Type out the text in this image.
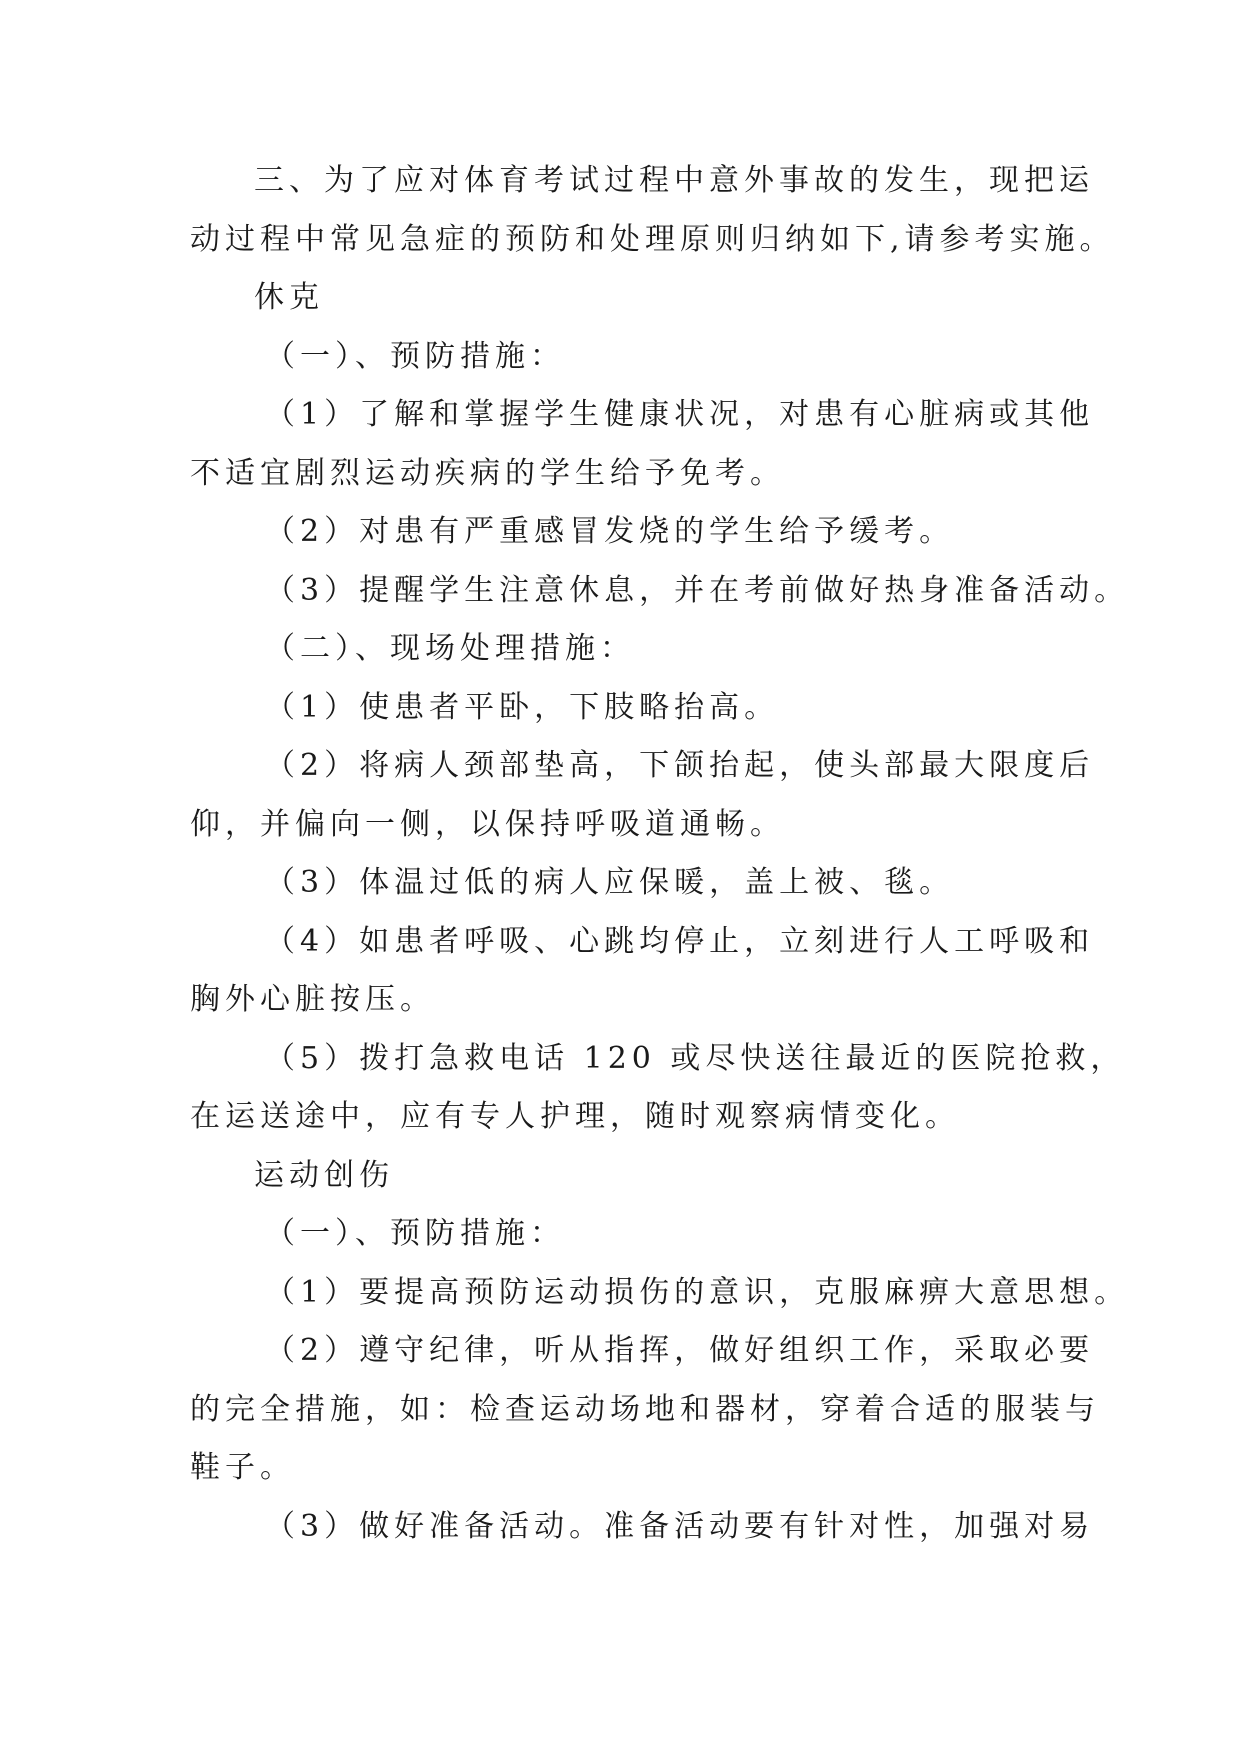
三、为了应对体育考试过程中意外事故的发生，现把运
动过程中常见急症的预防和处理原则归纳如下,请参考实施。
休克
（一）、预防措施：
（1）了解和掌握学生健康状况，对患有心脏病或其他
不适宜剧烈运动疾病的学生给予免考。
（2）对患有严重感冒发烧的学生给予缓考。
（3）提醒学生注意休息，并在考前做好热身准备活动。
（二）、现场处理措施：
（1）使患者平卧，下肢略抬高。
（2）将病人颈部垫高，下颌抬起，使头部最大限度后
仰，并偏向一侧，以保持呼吸道通畅。
（3）体温过低的病人应保暖，盖上被、毯。
（4）如患者呼吸、心跳均停止，立刻进行人工呼吸和
胸外心脏按压。
（5）拨打急救电话 120 或尽快送往最近的医院抢救，
在运送途中，应有专人护理，随时观察病情变化。
运动创伤
（一）、预防措施：
（1）要提高预防运动损伤的意识，克服麻痹大意思想。
（2）遵守纪律，听从指挥，做好组织工作，采取必要
的完全措施，如：检查运动场地和器材，穿着合适的服装与
鞋子。
（3）做好准备活动。准备活动要有针对性，加强对易
